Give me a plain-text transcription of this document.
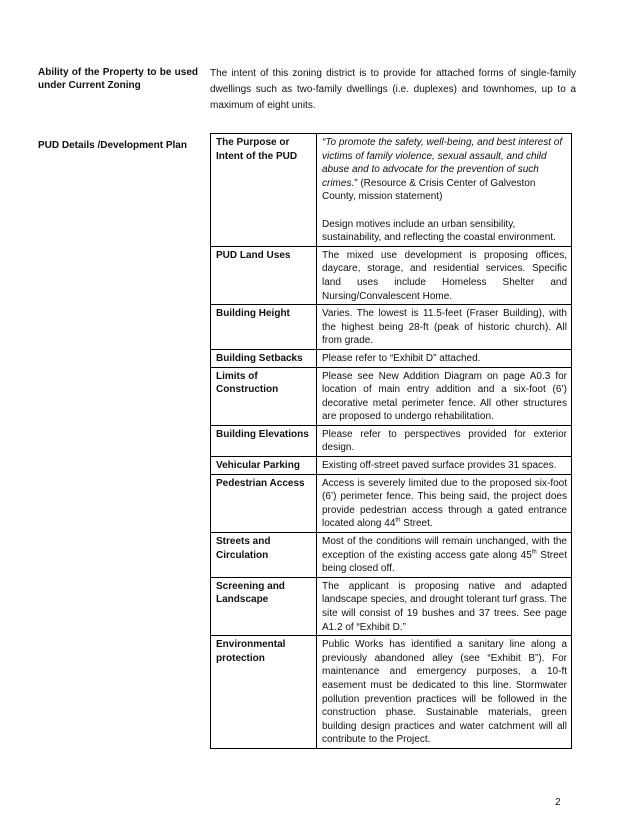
Ability of the Property to be used under Current Zoning
The intent of this zoning district is to provide for attached forms of single-family dwellings such as two-family dwellings (i.e. duplexes) and townhomes, up to a maximum of eight units.
PUD Details /Development Plan	The Purpose or Intent of the PUD	“To promote the safety, well-being, and best interest of victims of family violence, sexual assault, and child abuse and to advocate for the prevention of such crimes.” (Resource & Crisis Center of Galveston County, mission statement)
Design motives include an urban sensibility, sustainability, and reflecting the coastal environment.

PUD Land Uses	The mixed use development is proposing offices, daycare, storage, and residential services. Specific land uses include Homeless Shelter and Nursing/Convalescent Home.
Building Height	Varies. The lowest is 11.5-feet (Fraser Building), with the highest being 28-ft (peak of historic church). All from grade.
Building Setbacks	Please refer to “Exhibit D” attached.
Limits of Construction	Please see New Addition Diagram on page A0.3 for location of main entry addition and a six-foot (6’) decorative metal perimeter fence. All other structures are proposed to undergo rehabilitation.
Building Elevations	Please refer to perspectives provided for exterior design.
Vehicular Parking	Existing off-street paved surface provides 31 spaces.
Pedestrian Access	Access is severely limited due to the proposed six-foot (6’) perimeter fence. This being said, the project does provide pedestrian access through a gated entrance located along 44th Street.
Streets and Circulation	Most of the conditions will remain unchanged, with the exception of the existing access gate along 45th Street being closed off.
Screening and Landscape	The applicant is proposing native and adapted landscape species, and drought tolerant turf grass. The site will consist of 19 bushes and 37 trees. See page A1.2 of “Exhibit D.”
Environmental protection	Public Works has identified a sanitary line along a previously abandoned alley (see “Exhibit B”). For maintenance and emergency purposes, a 10-ft easement must be dedicated to this line. Stormwater pollution prevention practices will be followed in the construction phase. Sustainable materials, green building design practices and water catchment will all contribute to the Project.
2
